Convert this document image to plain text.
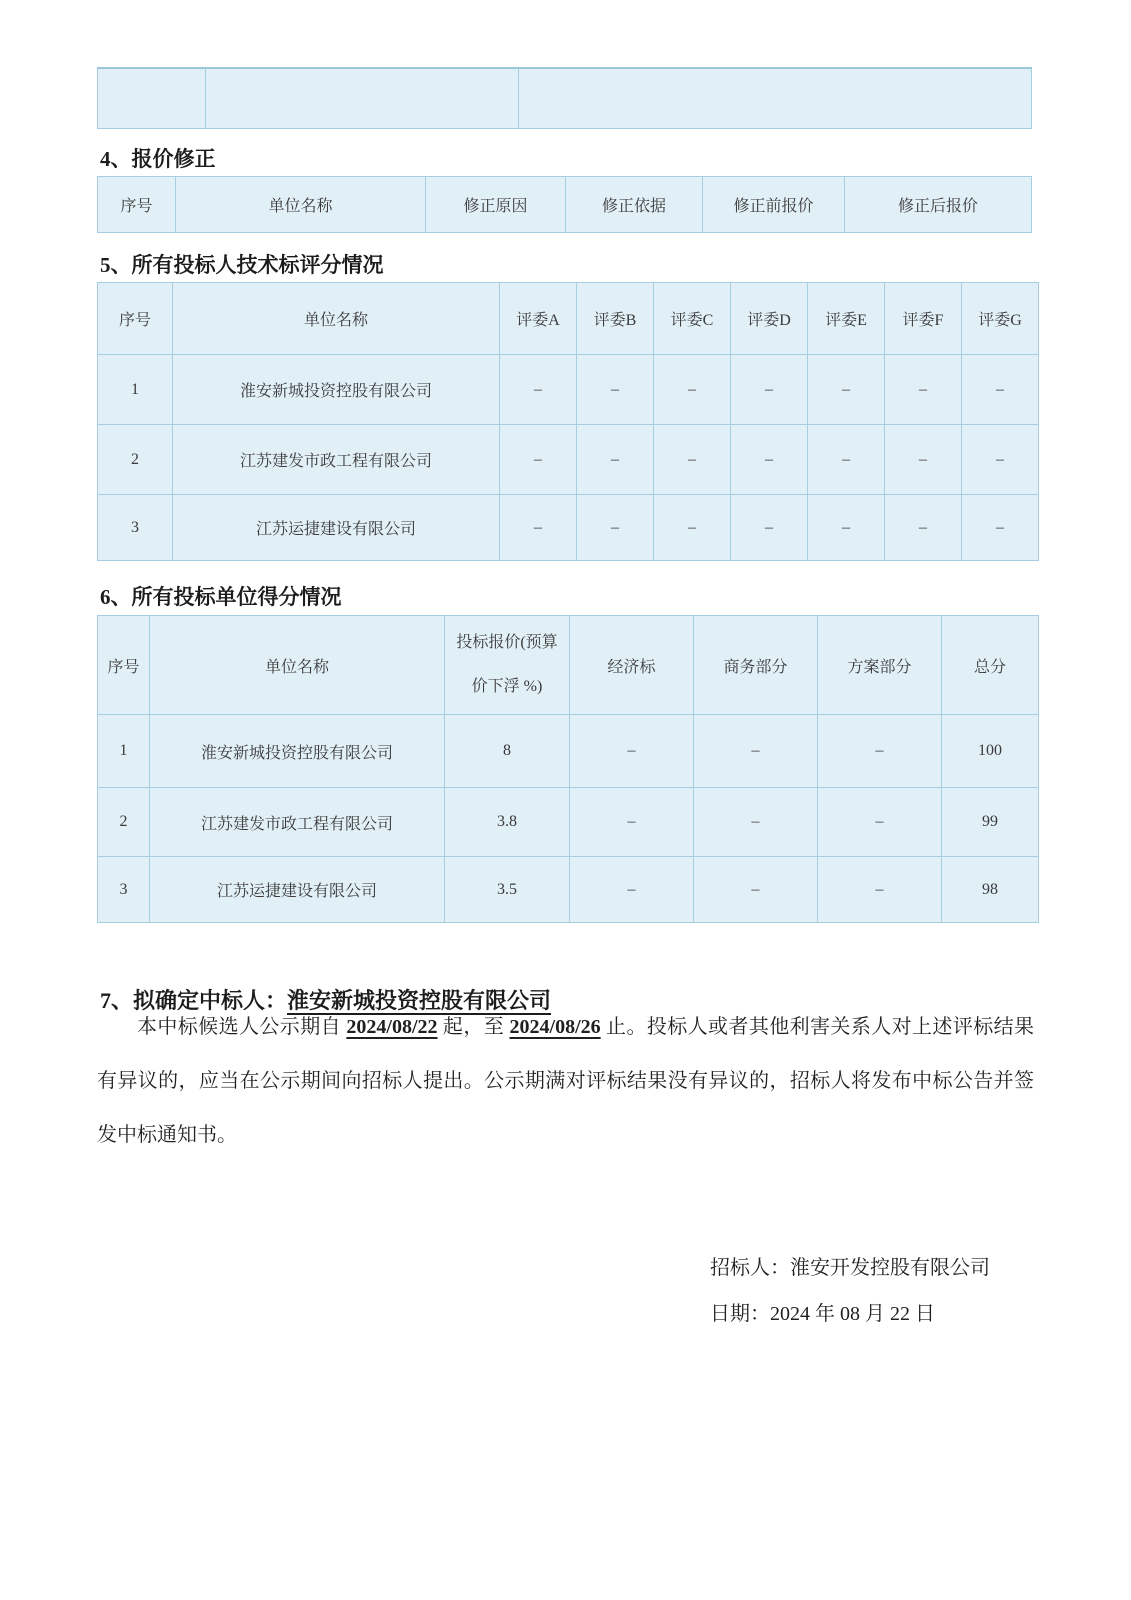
4、报价修正
序号	单位名称	修正原因	修正依据	修正前报价	修正后报价
5、所有投标人技术标评分情况
序号	单位名称	评委A	评委B	评委C	评委D	评委E	评委F	评委G
1	淮安新城投资控股有限公司	–	–	–	–	–	–	–
2	江苏建发市政工程有限公司	–	–	–	–	–	–	–
3	江苏运捷建设有限公司	–	–	–	–	–	–	–
6、所有投标单位得分情况
序号	单位名称	投标报价(预算价下浮 %)	经济标	商务部分	方案部分	总分
1	淮安新城投资控股有限公司	8	–	–	–	100
2	江苏建发市政工程有限公司	3.8	–	–	–	99
3	江苏运捷建设有限公司	3.5	–	–	–	98
7、拟确定中标人：淮安新城投资控股有限公司

本中标候选人公示期自 2024/08/22 起，至 2024/08/26 止。投标人或者其他利害关系人对上述评标结果有异议的，应当在公示期间向招标人提出。公示期满对评标结果没有异议的，招标人将发布中标公告并签发中标通知书。

招标人：淮安开发控股有限公司
日期：2024 年 08 月 22 日
